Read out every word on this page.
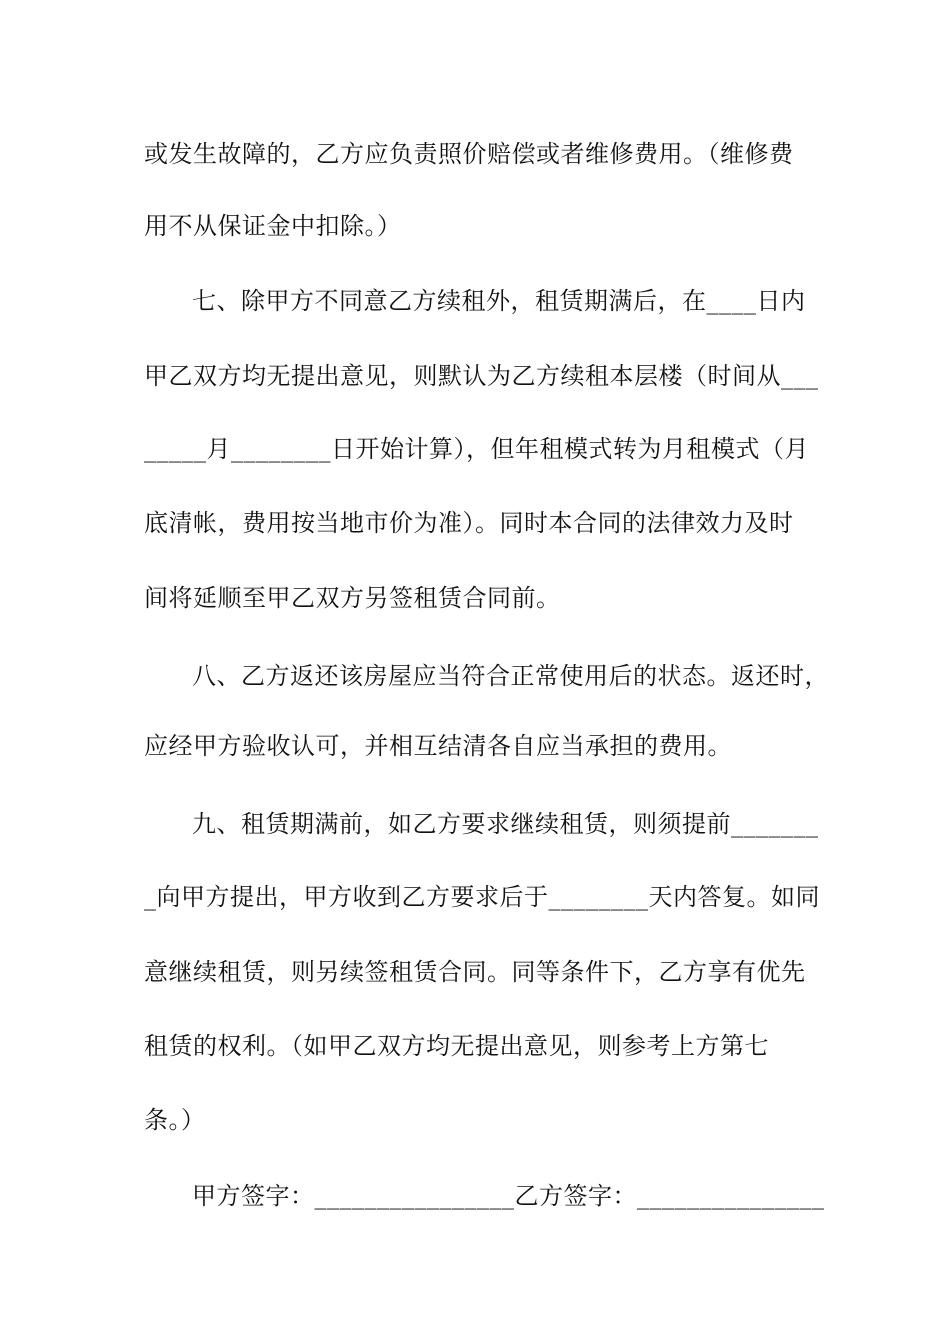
或发生故障的，乙方应负责照价赔偿或者维修费用。（维修费
用不从保证金中扣除。）
七、除甲方不同意乙方续租外，租赁期满后，在____日内
甲乙双方均无提出意见，则默认为乙方续租本层楼（时间从___
_____月________日开始计算），但年租模式转为月租模式（月
底清帐，费用按当地市价为准）。同时本合同的法律效力及时
间将延顺至甲乙双方另签租赁合同前。
八、乙方返还该房屋应当符合正常使用后的状态。返还时，
应经甲方验收认可，并相互结清各自应当承担的费用。
九、租赁期满前，如乙方要求继续租赁，则须提前_______
_向甲方提出，甲方收到乙方要求后于________天内答复。如同
意继续租赁，则另续签租赁合同。同等条件下，乙方享有优先
租赁的权利。（如甲乙双方均无提出意见，则参考上方第七
条。）
甲方签字：________________乙方签字：_______________
